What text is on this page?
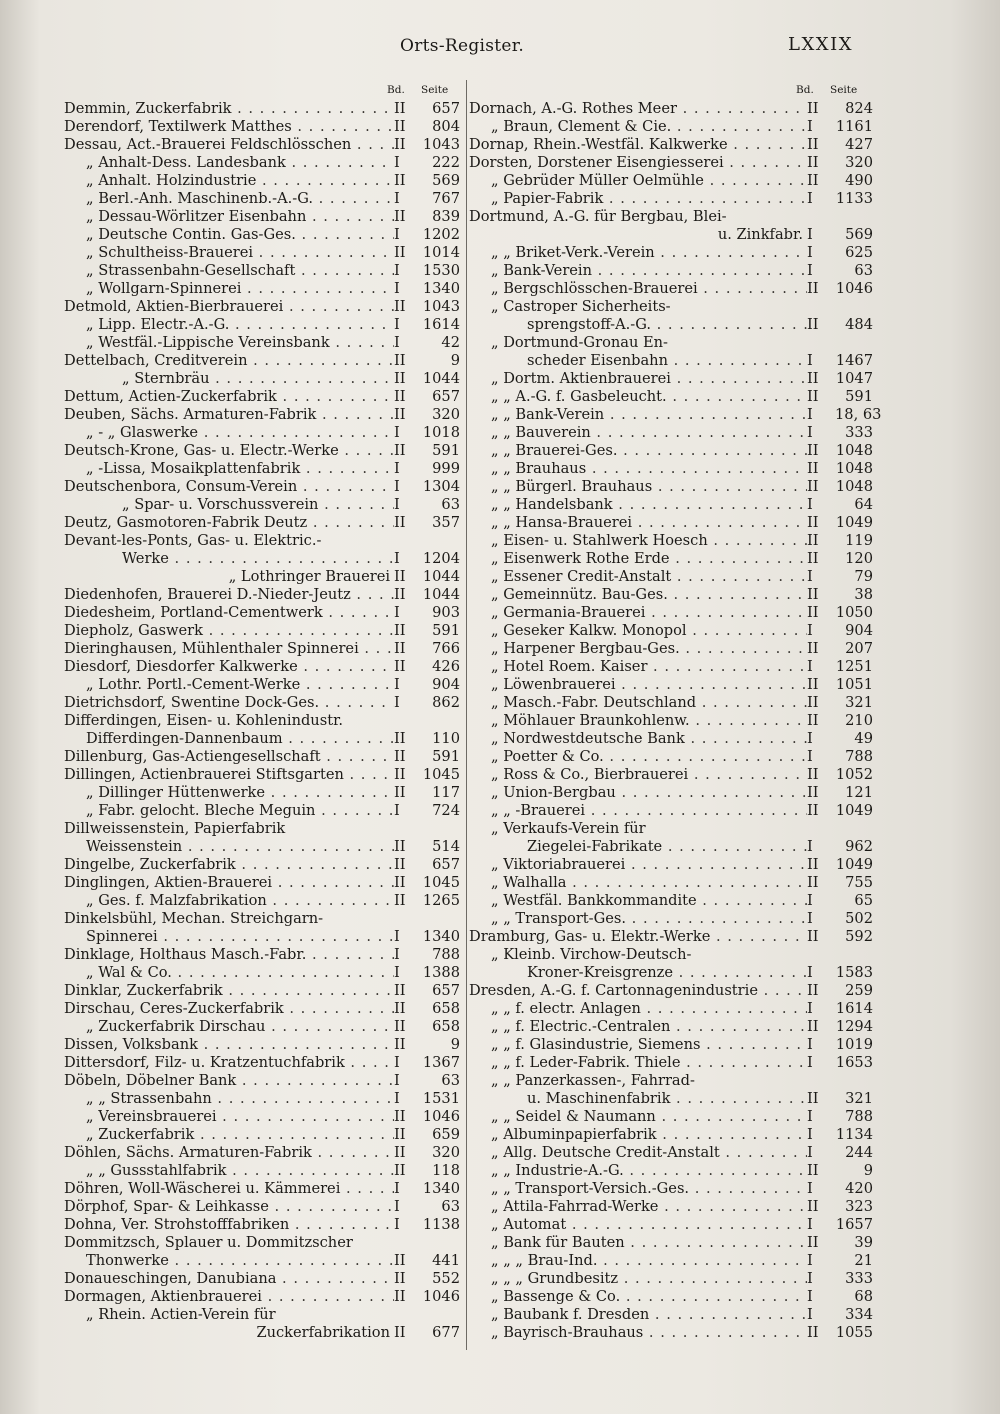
Orts-Register.	LXXIX
Bd. Seite
Demmin, Zuckerfabrik . . .	II	657
Derendorf, Textilwerk Matthes . . .	II	804
Dessau, Act.-Brauerei Feldschlösschen . . .	II	1043
„ Anhalt-Dess. Landesbank . . .	I	222
„ Anhalt. Holzindustrie . . .	II	569
„ Berl.-Anh. Maschinenb.-A.-G. . . .	I	767
„ Dessau-Wörlitzer Eisenbahn . . .	II	839
„ Deutsche Contin. Gas-Ges. . . .	I	1202
„ Schultheiss-Brauerei . . .	II	1014
„ Strassenbahn-Gesellschaft . . .	I	1530
„ Wollgarn-Spinnerei . . .	I	1340
Detmold, Aktien-Bierbrauerei . . .	II	1043
„ Lipp. Electr.-A.-G. . . .	I	1614
„ Westfäl.-Lippische Vereinsbank . . .	I	42
Dettelbach, Creditverein . . .	II	9
„ Sternbräu . . .	II	1044
Dettum, Actien-Zuckerfabrik . . .	II	657
Deuben, Sächs. Armaturen-Fabrik . . .	II	320
„ - „ Glaswerke . . .	I	1018
Deutsch-Krone, Gas- u. Electr.-Werke . . .	II	591
„ -Lissa, Mosaikplattenfabrik . . .	I	999
Deutschenbora, Consum-Verein . . .	I	1304
„ Spar- u. Vorschussverein . . .	I	63
Deutz, Gasmotoren-Fabrik Deutz . . .	II	357
Devant-les-Ponts, Gas- u. Elektric.-
Werke . . .	I	1204
„ Lothringer Brauerei II	1044
Diedenhofen, Brauerei D.-Nieder-Jeutz . . .	II	1044
Diedesheim, Portland-Cementwerk . . .	I	903
Diepholz, Gaswerk . . .	II	591
Dieringhausen, Mühlenthaler Spinnerei . . .	II	766
Diesdorf, Diesdorfer Kalkwerke . . .	II	426
„ Lothr. Portl.-Cement-Werke . . .	I	904
Dietrichsdorf, Swentine Dock-Ges. . . .	I	862
Differdingen, Eisen- u. Kohlenindustr.
Differdingen-Dannenbaum . . .	II	110
Dillenburg, Gas-Actiengesellschaft . . .	II	591
Dillingen, Actienbrauerei Stiftsgarten . . .	II	1045
„ Dillinger Hüttenwerke . . .	II	117
„ Fabr. gelocht. Bleche Meguin . . .	I	724
Dillweissenstein, Papierfabrik
Weissenstein . . .	II	514
Dingelbe, Zuckerfabrik . . .	II	657
Dinglingen, Aktien-Brauerei . . .	II	1045
„ Ges. f. Malzfabrikation . . .	II	1265
Dinkelsbühl, Mechan. Streichgarn-
Spinnerei . . .	I	1340
Dinklage, Holthaus Masch.-Fabr. . . .	I	788
„ Wal & Co. . . .	I	1388
Dinklar, Zuckerfabrik . . .	II	657
Dirschau, Ceres-Zuckerfabrik . . .	II	658
„ Zuckerfabrik Dirschau . . .	II	658
Dissen, Volksbank . . .	II	9
Dittersdorf, Filz- u. Kratzentuchfabrik . . .	I	1367
Döbeln, Döbelner Bank . . .	I	63
„ „ Strassenbahn . . .	I	1531
„ Vereinsbrauerei . . .	II	1046
„ Zuckerfabrik . . .	II	659
Döhlen, Sächs. Armaturen-Fabrik . . .	II	320
„ „ Gussstahlfabrik . . .	II	118
Döhren, Woll-Wäscherei u. Kämmerei . . .	I	1340
Dörphof, Spar- & Leihkasse . . .	I	63
Dohna, Ver. Strohstofffabriken . . .	I	1138
Dommitzsch, Splauer u. Dommitzscher
Thonwerke . . .	II	441
Donaueschingen, Danubiana . . .	II	552
Dormagen, Aktienbrauerei . . .	II	1046
„ Rhein. Actien-Verein für
Zuckerfabrikation II	677
Bd. Seite
Dornach, A.-G. Rothes Meer . . .	II	824
„ Braun, Clement & Cie. . . .	I	1161
Dornap, Rhein.-Westfäl. Kalkwerke . . .	II	427
Dorsten, Dorstener Eisengiesserei . . .	II	320
„ Gebrüder Müller Oelmühle . . .	II	490
„ Papier-Fabrik . . .	I	1133
Dortmund, A.-G. für Bergbau, Blei-
u. Zinkfabr. I	569
„ „ Briket-Verk.-Verein . . .	I	625
„ Bank-Verein . . .	I	63
„ Bergschlösschen-Brauerei . . .	II	1046
„ Castroper Sicherheits-
sprengstoff-A.-G. . . .	II	484
„ Dortmund-Gronau En-
scheder Eisenbahn . . .	I	1467
„ Dortm. Aktienbrauerei . . .	II	1047
„ „ A.-G. f. Gasbeleucht. . . .	II	591
„ „ Bank-Verein . . .	I	18, 63
„ „ Bauverein . . .	I	333
„ „ Brauerei-Ges. . . .	II	1048
„ „ Brauhaus . . .	II	1048
„ „ Bürgerl. Brauhaus . . .	II	1048
„ „ Handelsbank . . .	I	64
„ „ Hansa-Brauerei . . .	II	1049
„ Eisen- u. Stahlwerk Hoesch . . .	II	119
„ Eisenwerk Rothe Erde . . .	II	120
„ Essener Credit-Anstalt . . .	I	79
„ Gemeinnütz. Bau-Ges. . . .	II	38
„ Germania-Brauerei . . .	II	1050
„ Geseker Kalkw. Monopol . . .	I	904
„ Harpener Bergbau-Ges. . . .	II	207
„ Hotel Roem. Kaiser . . .	I	1251
„ Löwenbrauerei . . .	II	1051
„ Masch.-Fabr. Deutschland . . .	II	321
„ Möhlauer Braunkohlenw. . . .	II	210
„ Nordwestdeutsche Bank . . .	I	49
„ Poetter & Co. . . .	I	788
„ Ross & Co., Bierbrauerei . . .	II	1052
„ Union-Bergbau . . .	II	121
„ „ -Brauerei . . .	II	1049
„ Verkaufs-Verein für
Ziegelei-Fabrikate . . .	I	962
„ Viktoriabrauerei . . .	II	1049
„ Walhalla . . .	II	755
„ Westfäl. Bankkommandite . . .	I	65
„ „ Transport-Ges. . . .	I	502
Dramburg, Gas- u. Elektr.-Werke . . .	II	592
„ Kleinb. Virchow-Deutsch-
Kroner-Kreisgrenze . . .	I	1583
Dresden, A.-G. f. Cartonnagenindustrie . . .	II	259
„ „ f. electr. Anlagen . . .	I	1614
„ „ f. Electric.-Centralen . . .	II	1294
„ „ f. Glasindustrie, Siemens . . .	I	1019
„ „ f. Leder-Fabrik. Thiele . . .	I	1653
„ „ Panzerkassen-, Fahrrad-
u. Maschinenfabrik . . .	II	321
„ „ Seidel & Naumann . . .	I	788
„ Albuminpapierfabrik . . .	I	1134
„ Allg. Deutsche Credit-Anstalt . . .	I	244
„ „ Industrie-A.-G. . . .	II	9
„ „ Transport-Versich.-Ges. . . .	I	420
„ Attila-Fahrrad-Werke . . .	II	323
„ Automat . . .	I	1657
„ Bank für Bauten . . .	II	39
„ „ „ Brau-Ind. . . .	I	21
„ „ „ Grundbesitz . . .	I	333
„ Bassenge & Co. . . .	I	68
„ Baubank f. Dresden . . .	I	334
„ Bayrisch-Brauhaus . . .	II	1055
